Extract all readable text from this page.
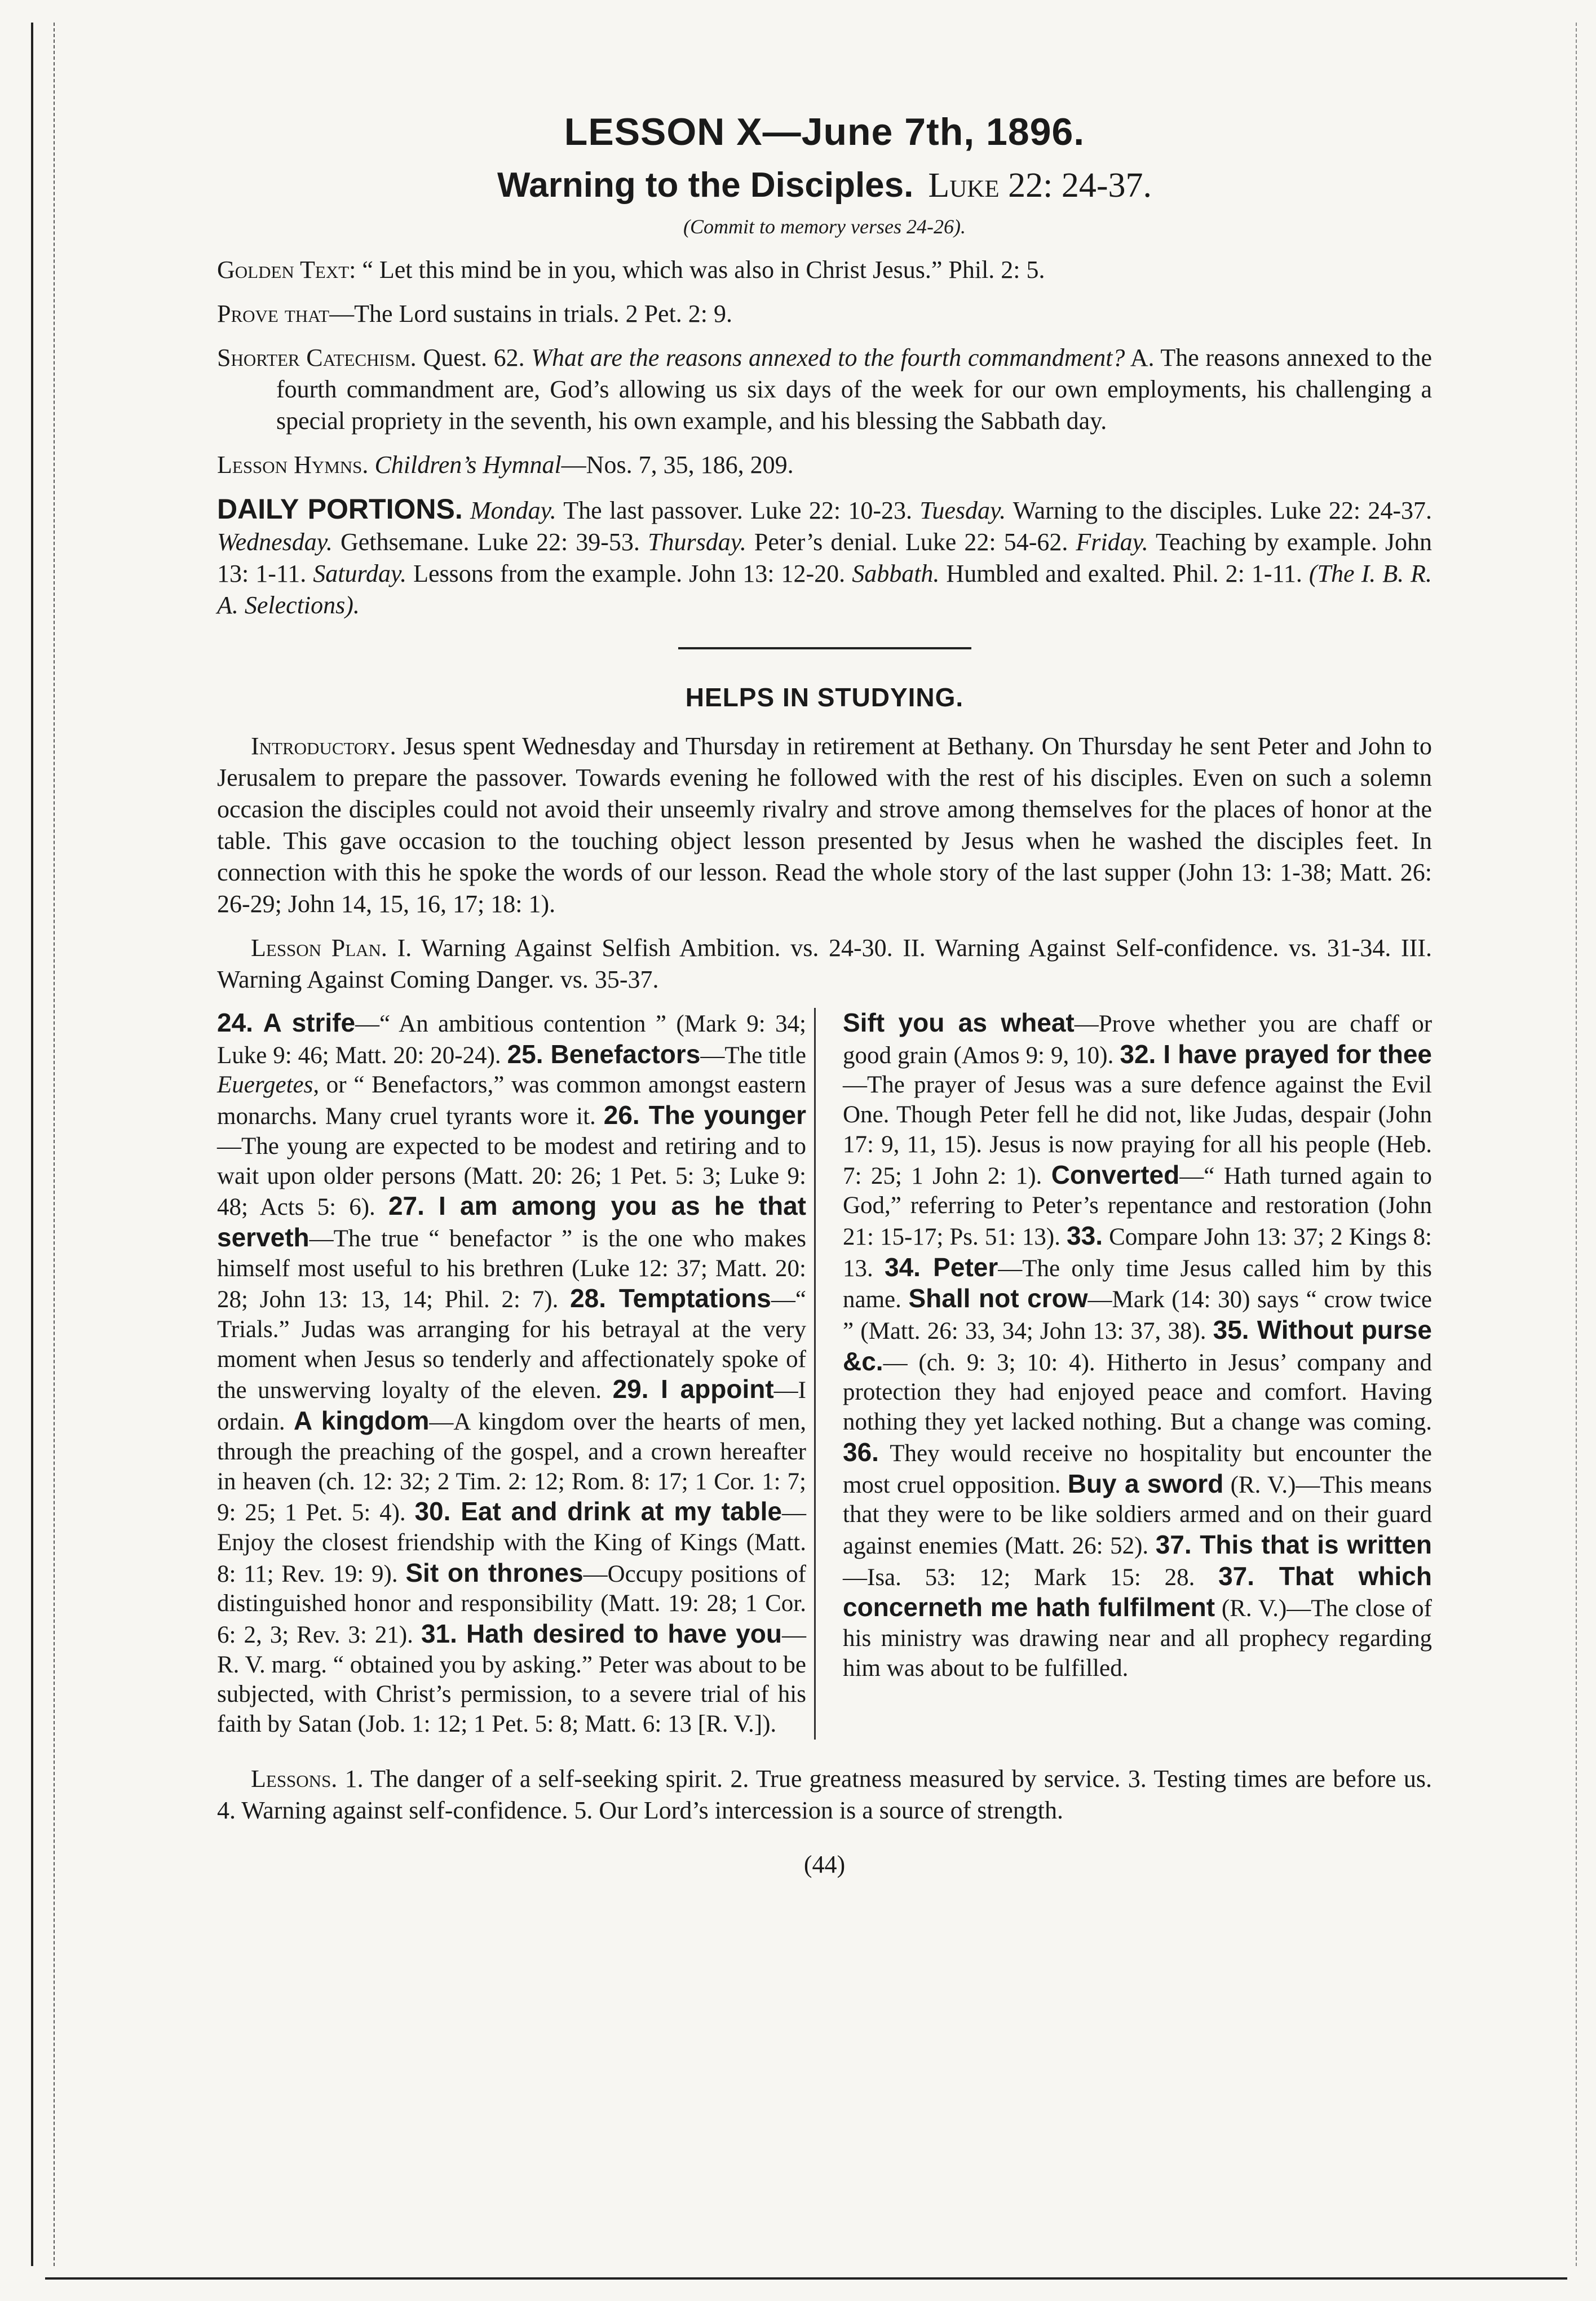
LESSON X—June 7th, 1896.

Warning to the Disciples. Luke 22: 24-37.

(Commit to memory verses 24-26).

Golden Text: “ Let this mind be in you, which was also in Christ Jesus.” Phil. 2: 5.

Prove that—The Lord sustains in trials. 2 Pet. 2: 9.

Shorter Catechism. Quest. 62. What are the reasons annexed to the fourth commandment? A. The reasons annexed to the fourth commandment are, God’s allowing us six days of the week for our own employments, his challenging a special propriety in the seventh, his own example, and his blessing the Sabbath day.

Lesson Hymns. Children’s Hymnal—Nos. 7, 35, 186, 209.

DAILY PORTIONS. Monday. The last passover. Luke 22: 10-23. Tuesday. Warning to the disciples. Luke 22: 24-37. Wednesday. Gethsemane. Luke 22: 39-53. Thursday. Peter’s denial. Luke 22: 54-62. Friday. Teaching by example. John 13: 1-11. Saturday. Lessons from the example. John 13: 12-20. Sabbath. Humbled and exalted. Phil. 2: 1-11. (The I. B. R. A. Selections).

HELPS IN STUDYING.

Introductory. Jesus spent Wednesday and Thursday in retirement at Bethany. On Thursday he sent Peter and John to Jerusalem to prepare the passover. Towards evening he followed with the rest of his disciples. Even on such a solemn occasion the disciples could not avoid their unseemly rivalry and strove among themselves for the places of honor at the table. This gave occasion to the touching object lesson presented by Jesus when he washed the disciples feet. In connection with this he spoke the words of our lesson. Read the whole story of the last supper (John 13: 1-38; Matt. 26: 26-29; John 14, 15, 16, 17; 18: 1).

Lesson Plan. I. Warning Against Selfish Ambition. vs. 24-30. II. Warning Against Self-confidence. vs. 31-34. III. Warning Against Coming Danger. vs. 35-37.

24. A strife—“ An ambitious contention ” (Mark 9: 34; Luke 9: 46; Matt. 20: 20-24). 25. Benefactors—The title Euergetes, or “ Benefactors,” was common amongst eastern monarchs. Many cruel tyrants wore it. 26. The younger—The young are expected to be modest and retiring and to wait upon older persons (Matt. 20: 26; 1 Pet. 5: 3; Luke 9: 48; Acts 5: 6). 27. I am among you as he that serveth—The true “ benefactor ” is the one who makes himself most useful to his brethren (Luke 12: 37; Matt. 20: 28; John 13: 13, 14; Phil. 2: 7). 28. Temptations—“ Trials.” Judas was arranging for his betrayal at the very moment when Jesus so tenderly and affectionately spoke of the unswerving loyalty of the eleven. 29. I appoint—I ordain. A kingdom—A kingdom over the hearts of men, through the preaching of the gospel, and a crown hereafter in heaven (ch. 12: 32; 2 Tim. 2: 12; Rom. 8: 17; 1 Cor. 1: 7; 9: 25; 1 Pet. 5: 4). 30. Eat and drink at my table—Enjoy the closest friendship with the King of Kings (Matt. 8: 11; Rev. 19: 9). Sit on thrones—Occupy positions of distinguished honor and responsibility (Matt. 19: 28; 1 Cor. 6: 2, 3; Rev. 3: 21). 31. Hath desired to have you—R. V. marg. “ obtained you by asking.” Peter was about to be subjected, with Christ’s permission, to a severe trial of his faith by Satan (Job. 1: 12; 1 Pet. 5: 8; Matt. 6: 13 [R. V.]).
Sift you as wheat—Prove whether you are chaff or good grain (Amos 9: 9, 10). 32. I have prayed for thee—The prayer of Jesus was a sure defence against the Evil One. Though Peter fell he did not, like Judas, despair (John 17: 9, 11, 15). Jesus is now praying for all his people (Heb. 7: 25; 1 John 2: 1). Converted—“ Hath turned again to God,” referring to Peter’s repentance and restoration (John 21: 15-17; Ps. 51: 13). 33. Compare John 13: 37; 2 Kings 8: 13. 34. Peter—The only time Jesus called him by this name. Shall not crow—Mark (14: 30) says “ crow twice ” (Matt. 26: 33, 34; John 13: 37, 38). 35. Without purse &c.— (ch. 9: 3; 10: 4). Hitherto in Jesus’ company and protection they had enjoyed peace and comfort. Having nothing they yet lacked nothing. But a change was coming. 36. They would receive no hospitality but encounter the most cruel opposition. Buy a sword (R. V.)—This means that they were to be like soldiers armed and on their guard against enemies (Matt. 26: 52). 37. This that is written—Isa. 53: 12; Mark 15: 28. 37. That which concerneth me hath fulfilment (R. V.)—The close of his ministry was drawing near and all prophecy regarding him was about to be fulfilled.

Lessons. 1. The danger of a self-seeking spirit. 2. True greatness measured by service. 3. Testing times are before us. 4. Warning against self-confidence. 5. Our Lord’s intercession is a source of strength.

(44)
